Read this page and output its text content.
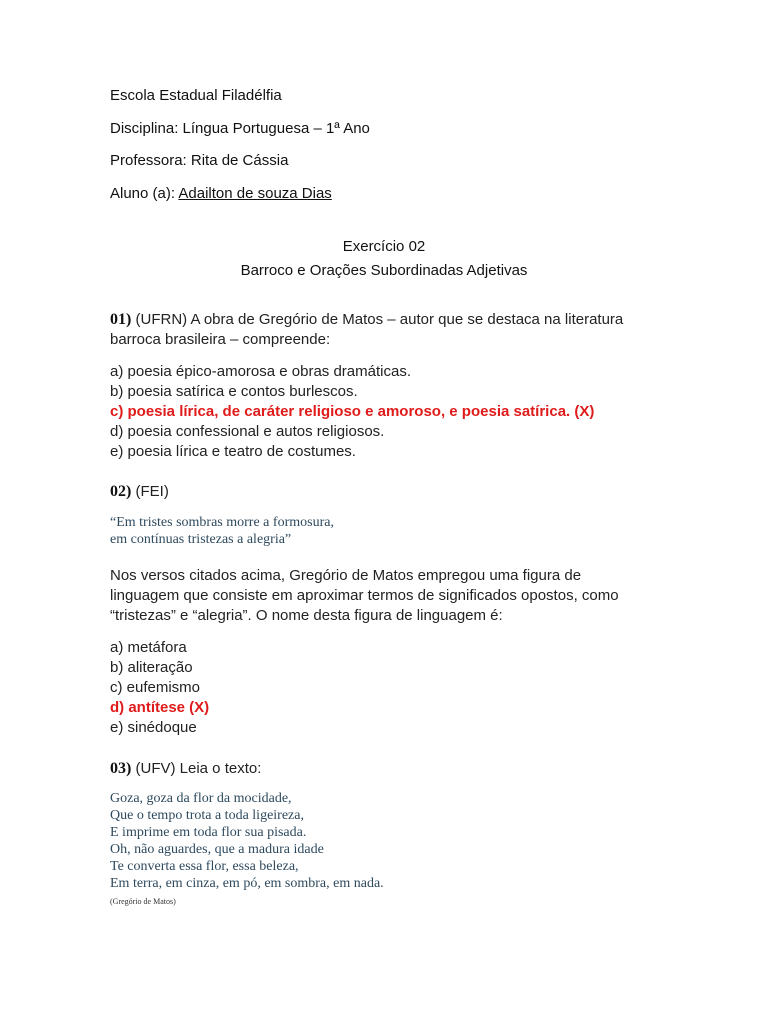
Escola Estadual Filadélfia
Disciplina: Língua Portuguesa – 1ª Ano
Professora: Rita de Cássia
Aluno (a): Adailton de souza Dias
Exercício 02
Barroco e Orações Subordinadas Adjetivas
01) (UFRN) A obra de Gregório de Matos – autor que se destaca na literatura barroca brasileira – compreende:
a) poesia épico-amorosa e obras dramáticas.
b) poesia satírica e contos burlescos.
c) poesia lírica, de caráter religioso e amoroso, e poesia satírica. (X)
d) poesia confessional e autos religiosos.
e) poesia lírica e teatro de costumes.
02) (FEI)
“Em tristes sombras morre a formosura,
em contínuas tristezas a alegria”
Nos versos citados acima, Gregório de Matos empregou uma figura de linguagem que consiste em aproximar termos de significados opostos, como “tristezas” e “alegria”. O nome desta figura de linguagem é:
a) metáfora
b) aliteração
c) eufemismo
d) antítese (X)
e) sinédoque
03) (UFV) Leia o texto:
Goza, goza da flor da mocidade,
Que o tempo trota a toda ligeireza,
E imprime em toda flor sua pisada.
Oh, não aguardes, que a madura idade
Te converta essa flor, essa beleza,
Em terra, em cinza, em pó, em sombra, em nada.
(Gregório de Matos)
